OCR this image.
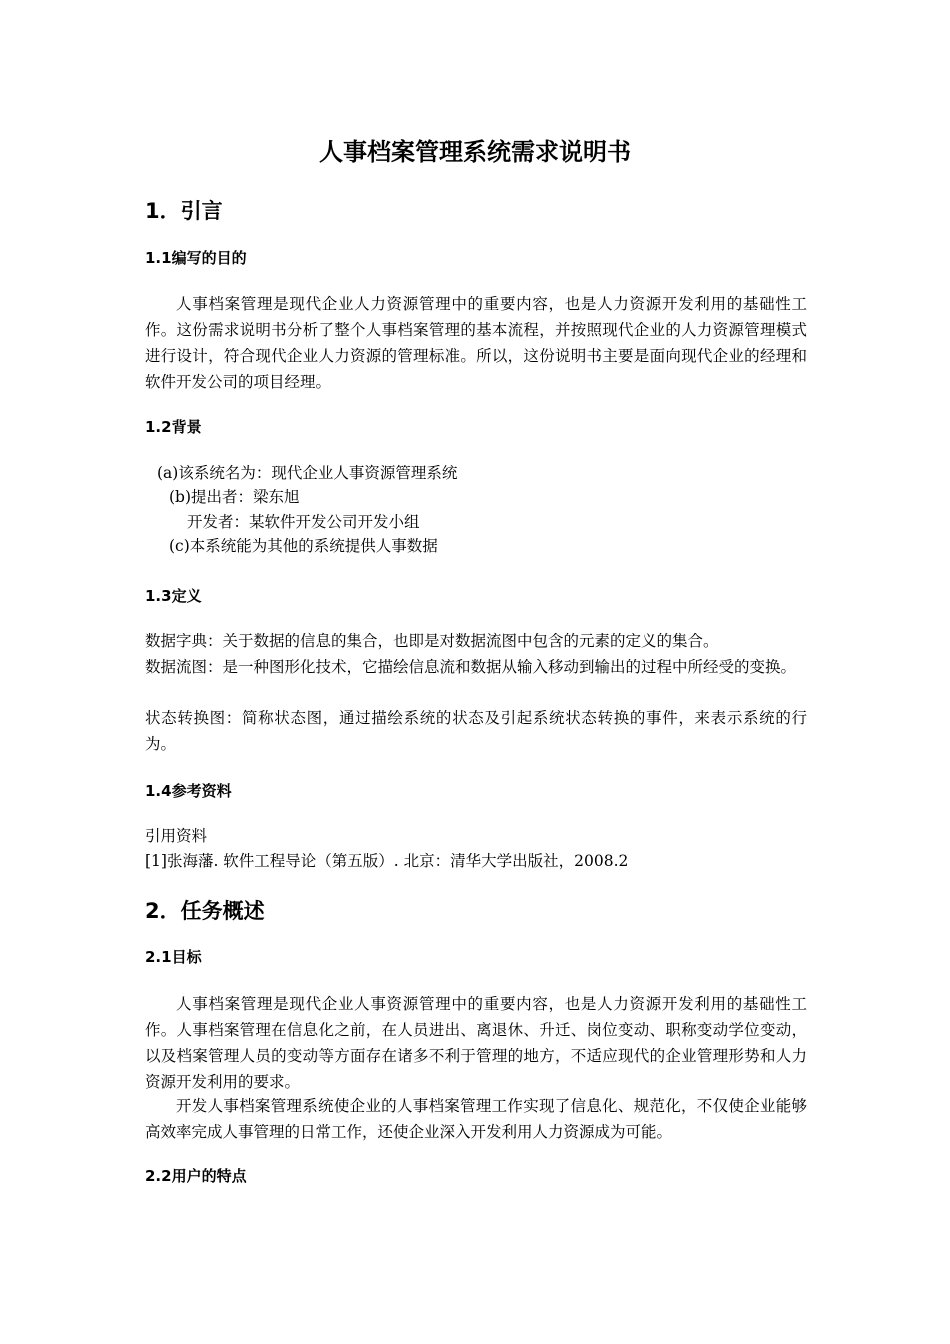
人事档案管理系统需求说明书
1．引言
1.1编写的目的
人事档案管理是现代企业人力资源管理中的重要内容，也是人力资源开发利用的基础性工作。这份需求说明书分析了整个人事档案管理的基本流程，并按照现代企业的人力资源管理模式进行设计，符合现代企业人力资源的管理标准。所以，这份说明书主要是面向现代企业的经理和软件开发公司的项目经理。
1.2背景
(a)该系统名为：现代企业人事资源管理系统
(b)提出者：梁东旭
开发者：某软件开发公司开发小组
(c)本系统能为其他的系统提供人事数据
1.3定义
数据字典：关于数据的信息的集合，也即是对数据流图中包含的元素的定义的集合。
数据流图：是一种图形化技术，它描绘信息流和数据从输入移动到输出的过程中所经受的变换。
状态转换图：简称状态图，通过描绘系统的状态及引起系统状态转换的事件，来表示系统的行为。
1.4参考资料
引用资料
[1]张海藩. 软件工程导论（第五版）. 北京：清华大学出版社，2008.2
2．任务概述
2.1目标
人事档案管理是现代企业人事资源管理中的重要内容，也是人力资源开发利用的基础性工作。人事档案管理在信息化之前，在人员进出、离退休、升迁、岗位变动、职称变动学位变动，以及档案管理人员的变动等方面存在诸多不利于管理的地方，不适应现代的企业管理形势和人力资源开发利用的要求。
开发人事档案管理系统使企业的人事档案管理工作实现了信息化、规范化，不仅使企业能够高效率完成人事管理的日常工作，还使企业深入开发利用人力资源成为可能。
2.2用户的特点
